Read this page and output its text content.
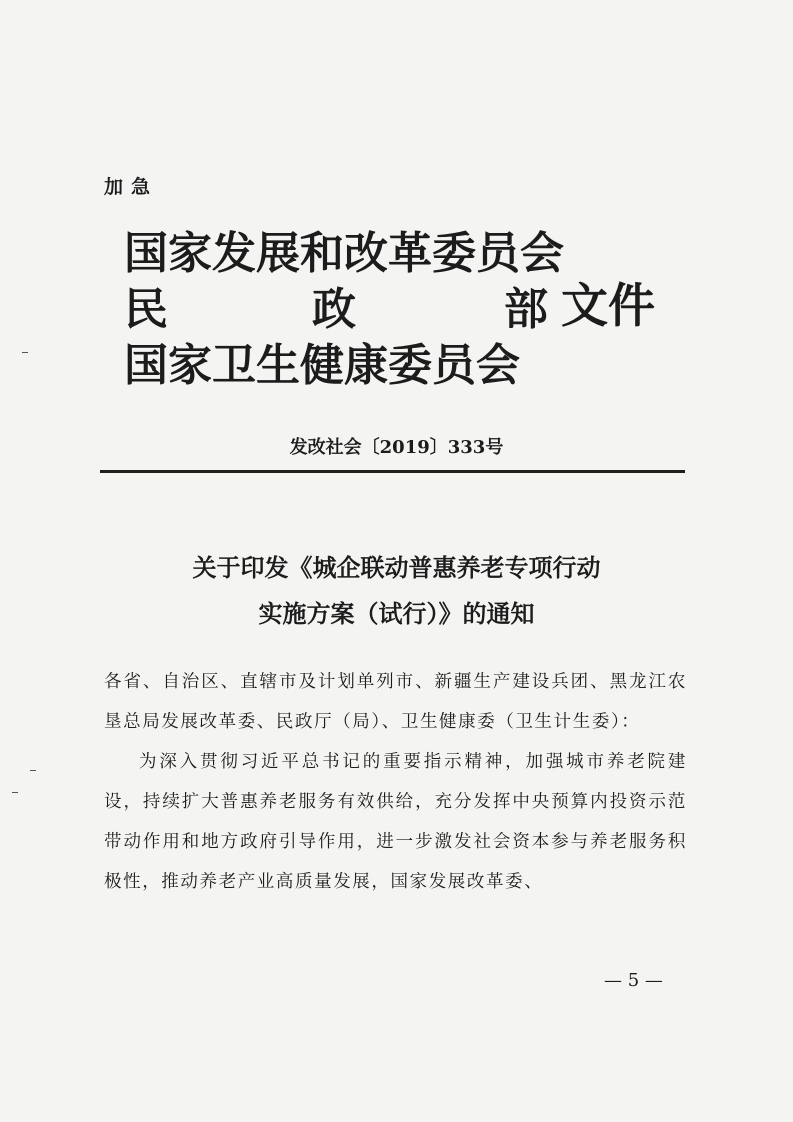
加急
国家发展和改革委员会
民	政	部
国家卫生健康委员会
文件
发改社会〔2019〕333号
关于印发《城企联动普惠养老专项行动
实施方案（试行）》的通知

各省、自治区、直辖市及计划单列市、新疆生产建设兵团、黑龙江农垦总局发展改革委、民政厅（局）、卫生健康委（卫生计生委）：

为深入贯彻习近平总书记的重要指示精神，加强城市养老院建设，持续扩大普惠养老服务有效供给，充分发挥中央预算内投资示范带动作用和地方政府引导作用，进一步激发社会资本参与养老服务积极性，推动养老产业高质量发展，国家发展改革委、

— 5 —
